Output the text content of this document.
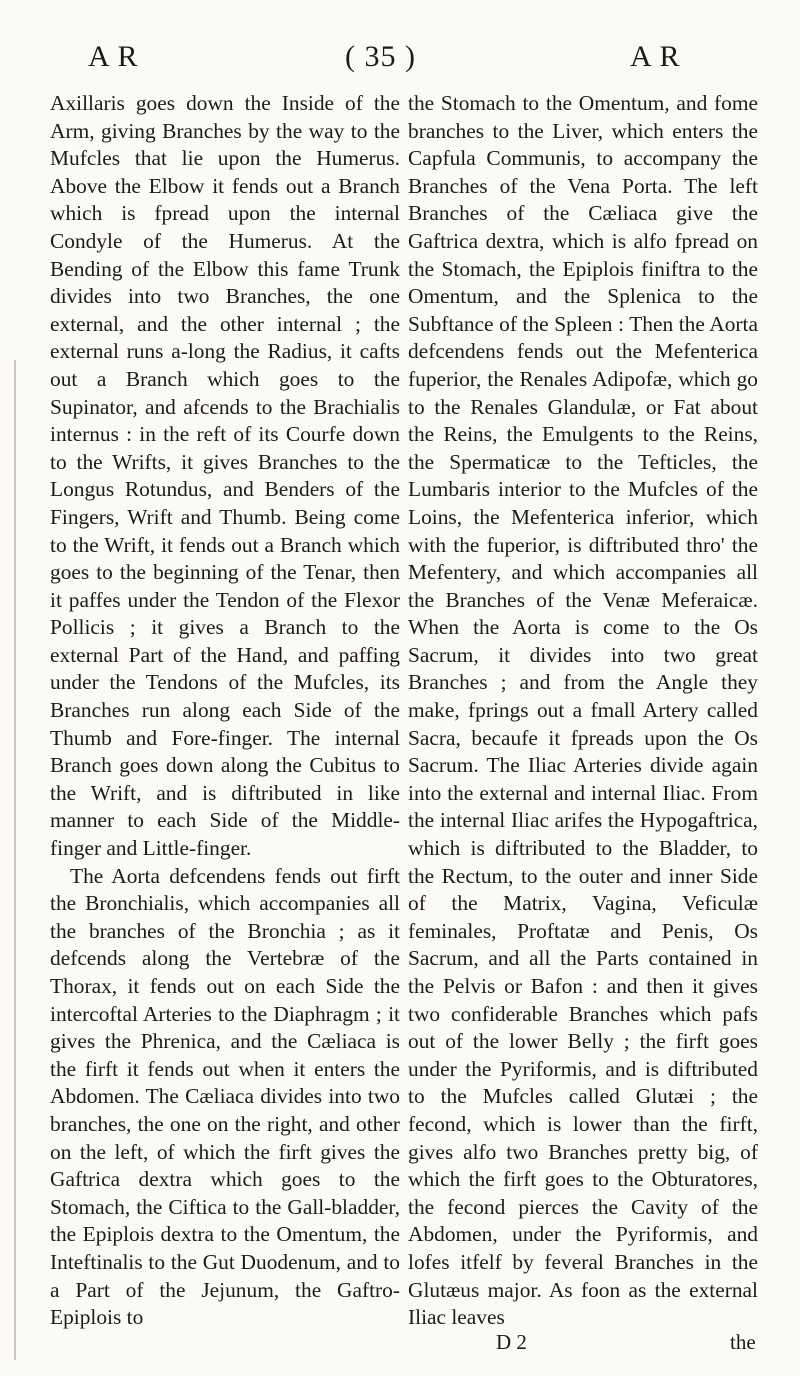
A R	( 35 )	A R

Axillaris goes down the Inside of the Arm, giving Branches by the way to the Mufcles that lie upon the Humerus. Above the Elbow it fends out a Branch which is fpread upon the internal Condyle of the Humerus. At the Bending of the Elbow this fame Trunk divides into two Branches, the one external, and the other internal ; the external runs a-long the Radius, it cafts out a Branch which goes to the Supinator, and afcends to the Brachialis internus : in the reft of its Courfe down to the Wrifts, it gives Branches to the Longus Rotundus, and Benders of the Fingers, Wrift and Thumb. Being come to the Wrift, it fends out a Branch which goes to the beginning of the Tenar, then it paffes under the Tendon of the Flexor Pollicis ; it gives a Branch to the external Part of the Hand, and paffing under the Tendons of the Mufcles, its Branches run along each Side of the Thumb and Fore-finger. The internal Branch goes down along the Cubitus to the Wrift, and is diftributed in like manner to each Side of the Middle-finger and Little-finger.

The Aorta defcendens fends out firft the Bronchialis, which accompanies all the branches of the Bronchia ; as it defcends along the Vertebræ of the Thorax, it fends out on each Side the intercoftal Arteries to the Diaphragm ; it gives the Phrenica, and the Cæliaca is the firft it fends out when it enters the Abdomen. The Cæliaca divides into two branches, the one on the right, and other on the left, of which the firft gives the Gaftrica dextra which goes to the Stomach, the Ciftica to the Gall-bladder, the Epiplois dextra to the Omentum, the Inteftinalis to the Gut Duodenum, and to a Part of the Jejunum, the Gaftro-Epiplois to

the Stomach to the Omentum, and fome branches to the Liver, which enters the Capfula Communis, to accompany the Branches of the Vena Porta. The left Branches of the Cæliaca give the Gaftrica dextra, which is alfo fpread on the Stomach, the Epiplois finiftra to the Omentum, and the Splenica to the Subftance of the Spleen : Then the Aorta defcendens fends out the Mefenterica fuperior, the Renales Adipofæ, which go to the Renales Glandulæ, or Fat about the Reins, the Emulgents to the Reins, the Spermaticæ to the Tefticles, the Lumbaris interior to the Mufcles of the Loins, the Mefenterica inferior, which with the fuperior, is diftributed thro' the Mefentery, and which accompanies all the Branches of the Venæ Meferaicæ. When the Aorta is come to the Os Sacrum, it divides into two great Branches ; and from the Angle they make, fprings out a fmall Artery called Sacra, becaufe it fpreads upon the Os Sacrum. The Iliac Arteries divide again into the external and internal Iliac. From the internal Iliac arifes the Hypogaftrica, which is diftributed to the Bladder, to the Rectum, to the outer and inner Side of the Matrix, Vagina, Veficulæ feminales, Proftatæ and Penis, Os Sacrum, and all the Parts contained in the Pelvis or Bafon : and then it gives two confiderable Branches which pafs out of the lower Belly ; the firft goes under the Pyriformis, and is diftributed to the Mufcles called Glutæi ; the fecond, which is lower than the firft, gives alfo two Branches pretty big, of which the firft goes to the Obturatores, the fecond pierces the Cavity of the Abdomen, under the Pyriformis, and lofes itfelf by feveral Branches in the Glutæus major. As foon as the external Iliac leaves

D 2	the
